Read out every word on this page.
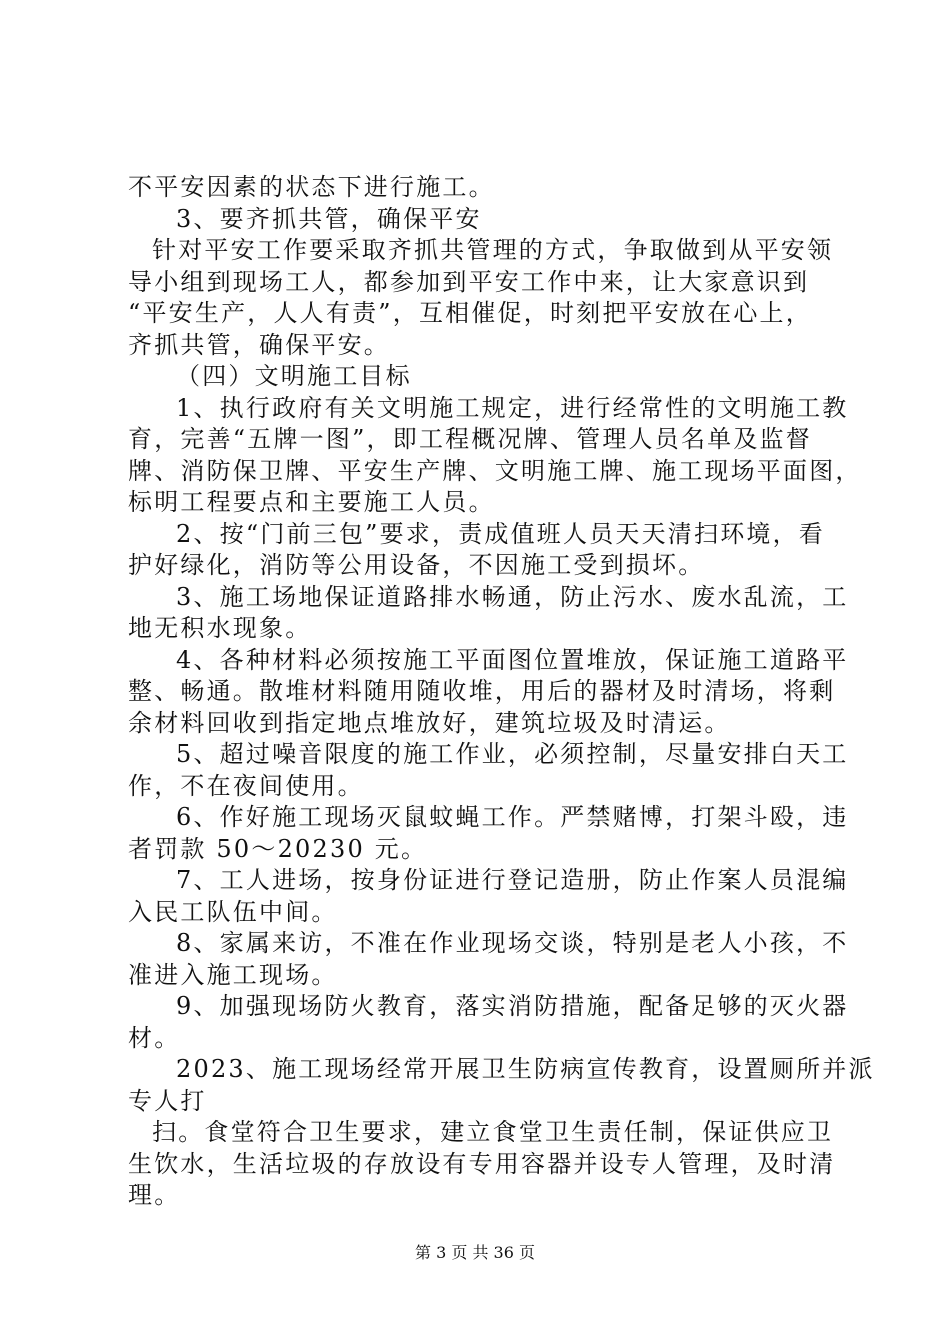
不平安因素的状态下进行施工。
3、要齐抓共管，确保平安
针对平安工作要采取齐抓共管理的方式，争取做到从平安领
导小组到现场工人，都参加到平安工作中来，让大家意识到
“平安生产，人人有责”，互相催促，时刻把平安放在心上，
齐抓共管，确保平安。
（四）文明施工目标
1、执行政府有关文明施工规定，进行经常性的文明施工教
育，完善“五牌一图”，即工程概况牌、管理人员名单及监督
牌、消防保卫牌、平安生产牌、文明施工牌、施工现场平面图，
标明工程要点和主要施工人员。
2、按“门前三包”要求，责成值班人员天天清扫环境，看
护好绿化，消防等公用设备，不因施工受到损坏。
3、施工场地保证道路排水畅通，防止污水、废水乱流，工
地无积水现象。
4、各种材料必须按施工平面图位置堆放，保证施工道路平
整、畅通。散堆材料随用随收堆，用后的器材及时清场，将剩
余材料回收到指定地点堆放好，建筑垃圾及时清运。
5、超过噪音限度的施工作业，必须控制，尽量安排白天工
作，不在夜间使用。
6、作好施工现场灭鼠蚊蝇工作。严禁赌博，打架斗殴，违
者罚款 50～20230 元。
7、工人进场，按身份证进行登记造册，防止作案人员混编
入民工队伍中间。
8、家属来访，不准在作业现场交谈，特别是老人小孩，不
准进入施工现场。
9、加强现场防火教育，落实消防措施，配备足够的灭火器
材。
2023、施工现场经常开展卫生防病宣传教育，设置厕所并派
专人打
扫。食堂符合卫生要求，建立食堂卫生责任制，保证供应卫
生饮水，生活垃圾的存放设有专用容器并设专人管理，及时清
理。
第 3 页 共 36 页
